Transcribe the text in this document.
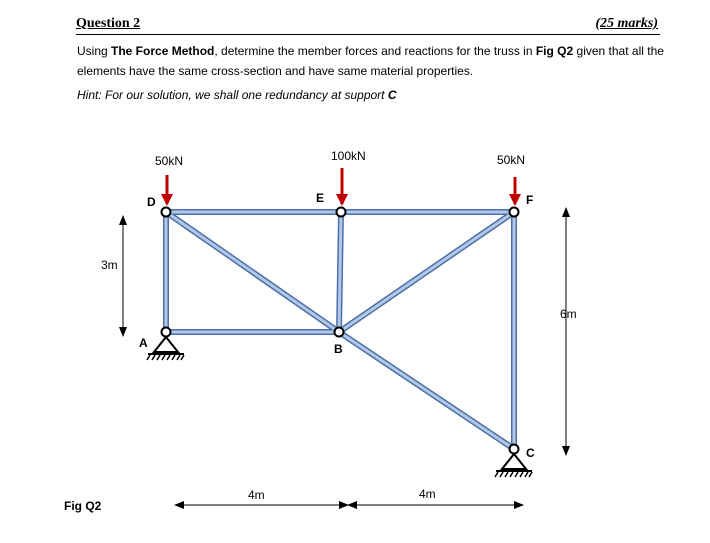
Question 2	(25 marks)
Using The Force Method, determine the member forces and reactions for the truss in Fig Q2 given that all the elements have the same cross-section and have same material properties.
Hint: For our solution, we shall one redundancy at support C
50kN	100kN	50kN
D	E	F
A	B
C
3m
6m
4m	4m
Fig Q2
